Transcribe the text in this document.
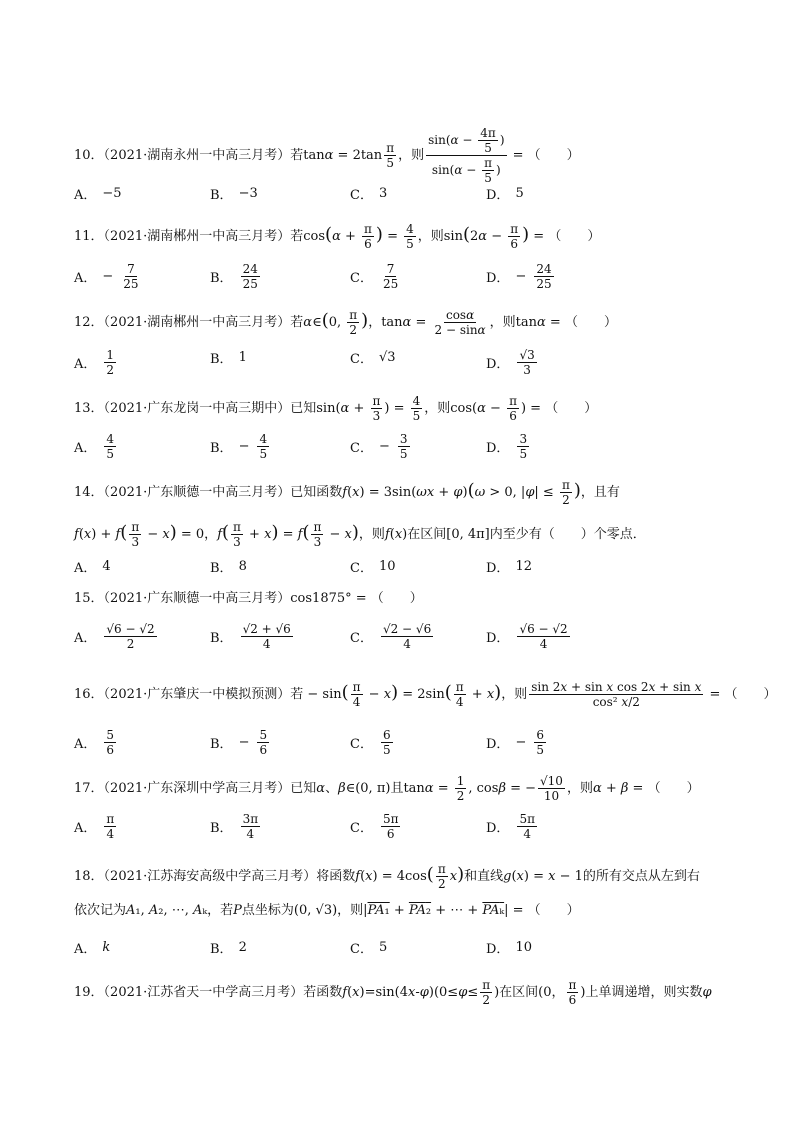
10．（2021·湖南永州一中高三月考）若$\tan\alpha = 2\tan \frac{\pi}{5}$ ，则 $\frac{\sin(\alpha - \frac{4\pi}{5} )}{\sin(\alpha - \frac{\pi}{5} )}$ = （　　）
A． −5	B． −3	C． 3	D． 5
11．（2021·湖南郴州一中高三月考）若$\cos(\alpha + \frac{\pi}{6}$ ) = $\frac{4}{5}$ ，则$\sin(2\alpha - \frac{\pi}{6}$ ) = （　　）
A． − $\frac{7}{25}$	B． $\frac{24}{25}$	C． $\frac{7}{25}$	D． − $\frac{24}{25}$
12．（2021·湖南郴州一中高三月考）若α∈(0, $\frac{\pi}{2}$ )，$\tan\alpha = \frac{\cos\alpha}{2 - \sin\alpha}$ ，则tanα = （　　）
A． $\frac{1}{2}$	B． 1	C． √3	D． $\frac{√3}{3}$
13．（2021·广东龙岗一中高三期中）已知$\sin(\alpha + \frac{\pi}{3}$ ) = $\frac{4}{5}$ ，则$\cos(\alpha - \frac{\pi}{6}$ ) = （　　）
A． $\frac{4}{5}$	B． − $\frac{4}{5}$	C． − $\frac{3}{5}$	D． $\frac{3}{5}$
14．（2021·广东顺德一中高三月考）已知函数f(x) = 3sin(ωx + φ)(ω > 0, $|\varphi| \le \frac{\pi}{2}$ )，且有
$f(x) + f( \frac{\pi}{3} - x) = 0$，$f( \frac{\pi}{3} + x) = f( \frac{\pi}{3} - x)$，则f(x)在区间[0, 4π]内至少有（　　）个零点．
A． 4	B． 8	C． 10	D． 12
15．（2021·广东顺德一中高三月考）cos1875° = （　　）
A． $\frac{√6 - √2}{2}$	B． $\frac{√2 + √6}{4}$	C． $\frac{√2 - √6}{4}$	D． $\frac{√6 - √2}{4}$
16．（2021·广东肇庆一中模拟预测）若 − $\sin( \frac{\pi}{4} - x) = 2\sin( \frac{\pi}{4} + x)$，则 $\frac{\text{sin 2x + sin x cos 2x + sin x}}{\text{cos² x/2}}$ = （　　）
A． $\frac{5}{6}$	B． − $\frac{5}{6}$	C． $\frac{6}{5}$	D． − $\frac{6}{5}$
17．（2021·广东深圳中学高三月考）已知α、β∈(0, π)且$\tan\alpha = \frac{1}{2}$ , cosβ = − $\frac{√10}{10}$ ，则α + β = （　　）
A． $\frac{\pi}{4}$	B． $\frac{3\pi}{4}$	C． $\frac{5\pi}{6}$	D． $\frac{5\pi}{4}$
18．（2021·江苏海安高级中学高三月考）将函数$f(x) = 4\cos( \frac{\pi}{2} x)$和直线g(x) = x − 1的所有交点从左到右
依次记为A₁, A₂, ⋯, Aₖ，若P点坐标为(0, √3)，则|PA₁ + PA₂ + ⋯ + PAₖ| = （　　）
A． k	B． 2	C． 5	D． 10
19．（2021·江苏省天一中学高三月考）若函数$f(x)=\sin(4x-\varphi)(0\le\varphi\le \frac{\pi}{2}$ )在区间(0， $\frac{\pi}{6}$ )上单调递增，则实数φ
